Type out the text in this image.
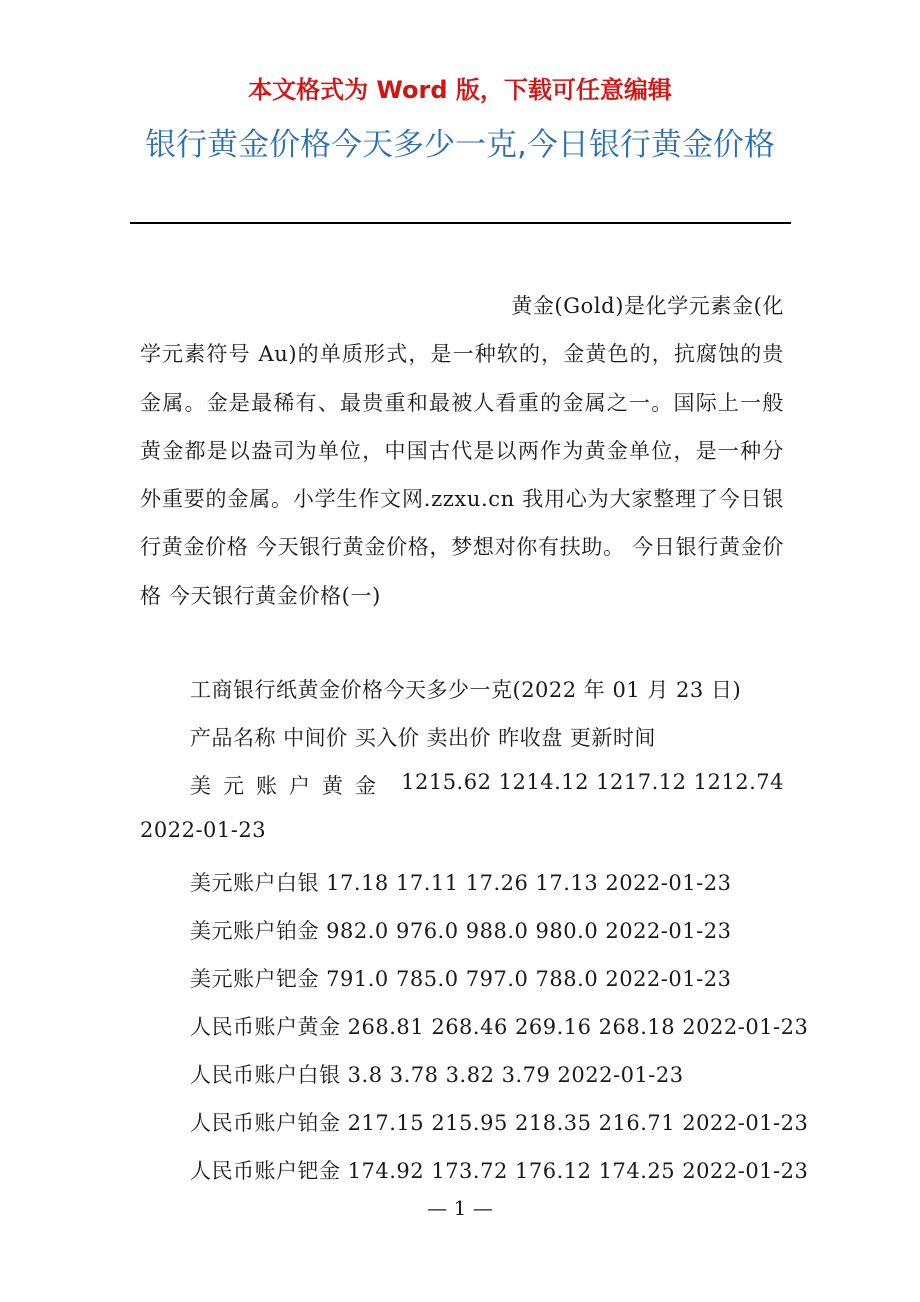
本文格式为 Word 版，下载可任意编辑
银行黄金价格今天多少一克,今日银行黄金价格
黄金(Gold)是化学元素金(化
学元素符号 Au)的单质形式，是一种软的，金黄色的，抗腐蚀的贵金属。金是最稀有、最贵重和最被人看重的金属之一。国际上一般黄金都是以盎司为单位，中国古代是以两作为黄金单位，是一种分外重要的金属。小学生作文网.zzxu.cn 我用心为大家整理了今日银行黄金价格 今天银行黄金价格，梦想对你有扶助。 今日银行黄金价格 今天银行黄金价格(一)
工商银行纸黄金价格今天多少一克(2022 年 01 月 23 日)
产品名称 中间价 买入价 卖出价 昨收盘 更新时间
美元账户黄金 1215.62 1214.12 1217.12 1212.74
2022-01-23
美元账户白银 17.18 17.11 17.26 17.13 2022-01-23
美元账户铂金 982.0 976.0 988.0 980.0 2022-01-23
美元账户钯金 791.0 785.0 797.0 788.0 2022-01-23
人民币账户黄金 268.81 268.46 269.16 268.18 2022-01-23
人民币账户白银 3.8 3.78 3.82 3.79 2022-01-23
人民币账户铂金 217.15 215.95 218.35 216.71 2022-01-23
人民币账户钯金 174.92 173.72 176.12 174.25 2022-01-23
— 1 —
